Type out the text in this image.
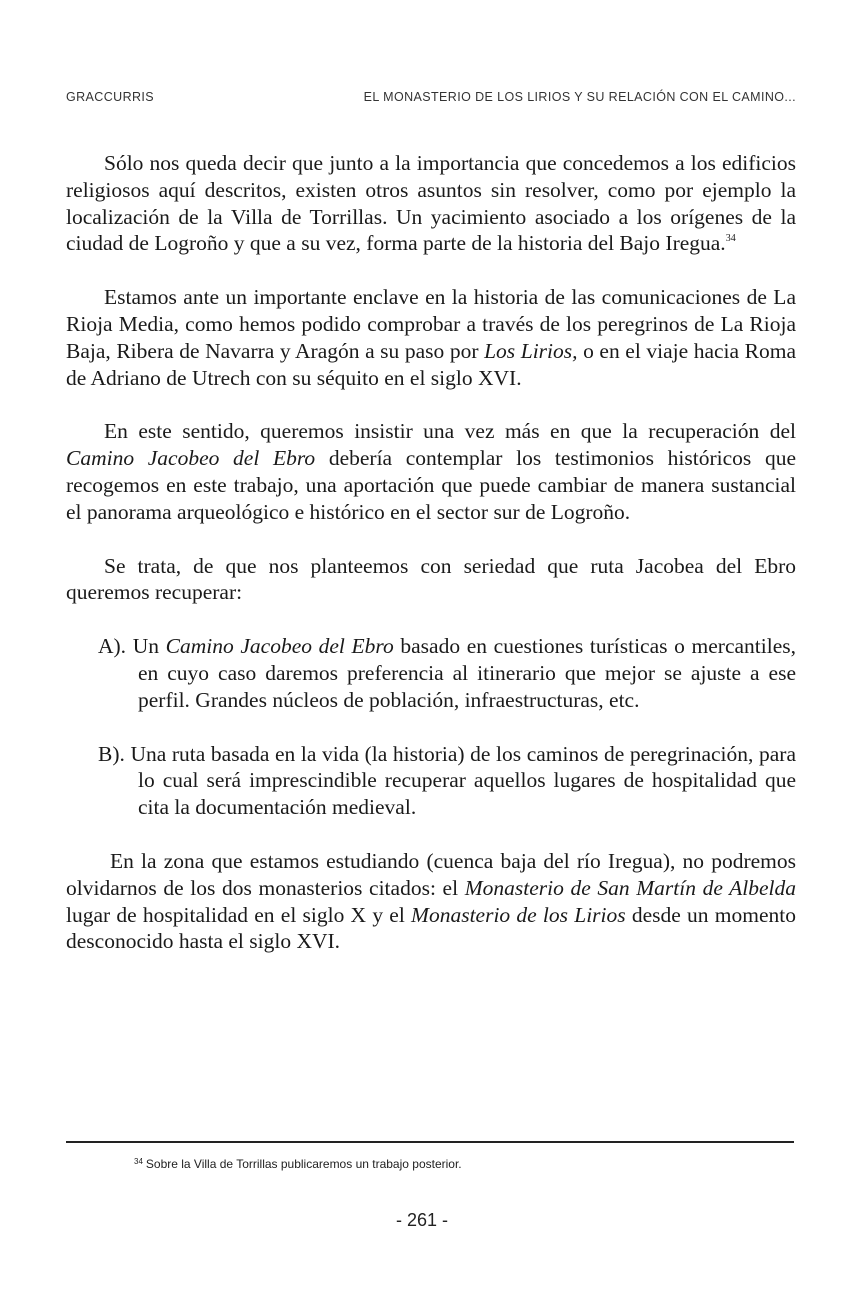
GRACCURRIS	EL MONASTERIO DE LOS LIRIOS Y SU RELACIÓN CON EL CAMINO...

Sólo nos queda decir que junto a la importancia que concedemos a los edificios religiosos aquí descritos, existen otros asuntos sin resolver, como por ejemplo la localización de la Villa de Torrillas. Un yacimiento asociado a los orígenes de la ciudad de Logroño y que a su vez, forma parte de la historia del Bajo Iregua.$^{34}$

Estamos ante un importante enclave en la historia de las comunicaciones de La Rioja Media, como hemos podido comprobar a través de los peregrinos de La Rioja Baja, Ribera de Navarra y Aragón a su paso por Los Lirios, o en el viaje hacia Roma de Adriano de Utrech con su séquito en el siglo XVI.

En este sentido, queremos insistir una vez más en que la recuperación del Camino Jacobeo del Ebro debería contemplar los testimonios históricos que recogemos en este trabajo, una aportación que puede cambiar de manera sustancial el panorama arqueológico e histórico en el sector sur de Logroño.

Se trata, de que nos planteemos con seriedad que ruta Jacobea del Ebro queremos recuperar:

A). Un Camino Jacobeo del Ebro basado en cuestiones turísticas o mercantiles, en cuyo caso daremos preferencia al itinerario que mejor se ajuste a ese perfil. Grandes núcleos de población, infraestructuras, etc.

B). Una ruta basada en la vida (la historia) de los caminos de peregrinación, para lo cual será imprescindible recuperar aquellos lugares de hospitalidad que cita la documentación medieval.

En la zona que estamos estudiando (cuenca baja del río Iregua), no podremos olvidarnos de los dos monasterios citados: el Monasterio de San Martín de Albelda lugar de hospitalidad en el siglo X y el Monasterio de los Lirios desde un momento desconocido hasta el siglo XVI.

$^{34}$ Sobre la Villa de Torrillas publicaremos un trabajo posterior.
- 261 -
